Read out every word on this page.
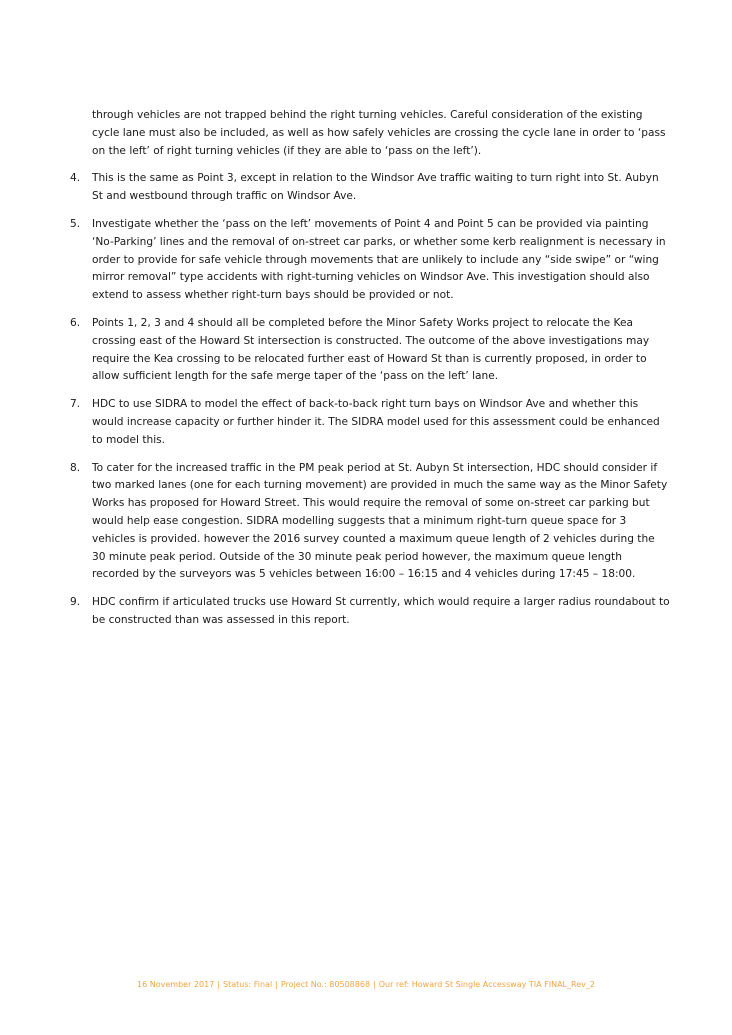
through vehicles are not trapped behind the right turning vehicles. Careful consideration of the existing cycle lane must also be included, as well as how safely vehicles are crossing the cycle lane in order to ‘pass on the left’ of right turning vehicles (if they are able to ‘pass on the left’).

4.	This is the same as Point 3, except in relation to the Windsor Ave traffic waiting to turn right into St. Aubyn St and westbound through traffic on Windsor Ave.
5.	Investigate whether the ‘pass on the left’ movements of Point 4 and Point 5 can be provided via painting ‘No-Parking’ lines and the removal of on-street car parks, or whether some kerb realignment is necessary in order to provide for safe vehicle through movements that are unlikely to include any “side swipe” or “wing mirror removal” type accidents with right-turning vehicles on Windsor Ave. This investigation should also extend to assess whether right-turn bays should be provided or not.
6.	Points 1, 2, 3 and 4 should all be completed before the Minor Safety Works project to relocate the Kea crossing east of the Howard St intersection is constructed. The outcome of the above investigations may require the Kea crossing to be relocated further east of Howard St than is currently proposed, in order to allow sufficient length for the safe merge taper of the ‘pass on the left’ lane.
7.	HDC to use SIDRA to model the effect of back-to-back right turn bays on Windsor Ave and whether this would increase capacity or further hinder it. The SIDRA model used for this assessment could be enhanced to model this.
8.	To cater for the increased traffic in the PM peak period at St. Aubyn St intersection, HDC should consider if two marked lanes (one for each turning movement) are provided in much the same way as the Minor Safety Works has proposed for Howard Street. This would require the removal of some on-street car parking but would help ease congestion. SIDRA modelling suggests that a minimum right-turn queue space for 3 vehicles is provided. however the 2016 survey counted a maximum queue length of 2 vehicles during the 30 minute peak period. Outside of the 30 minute peak period however, the maximum queue length recorded by the surveyors was 5 vehicles between 16:00 – 16:15 and 4 vehicles during 17:45 – 18:00.
9.	HDC confirm if articulated trucks use Howard St currently, which would require a larger radius roundabout to be constructed than was assessed in this report.
16 November 2017 | Status: Final | Project No.: 80508868 | Our ref: Howard St Single Accessway TIA FINAL_Rev_2
